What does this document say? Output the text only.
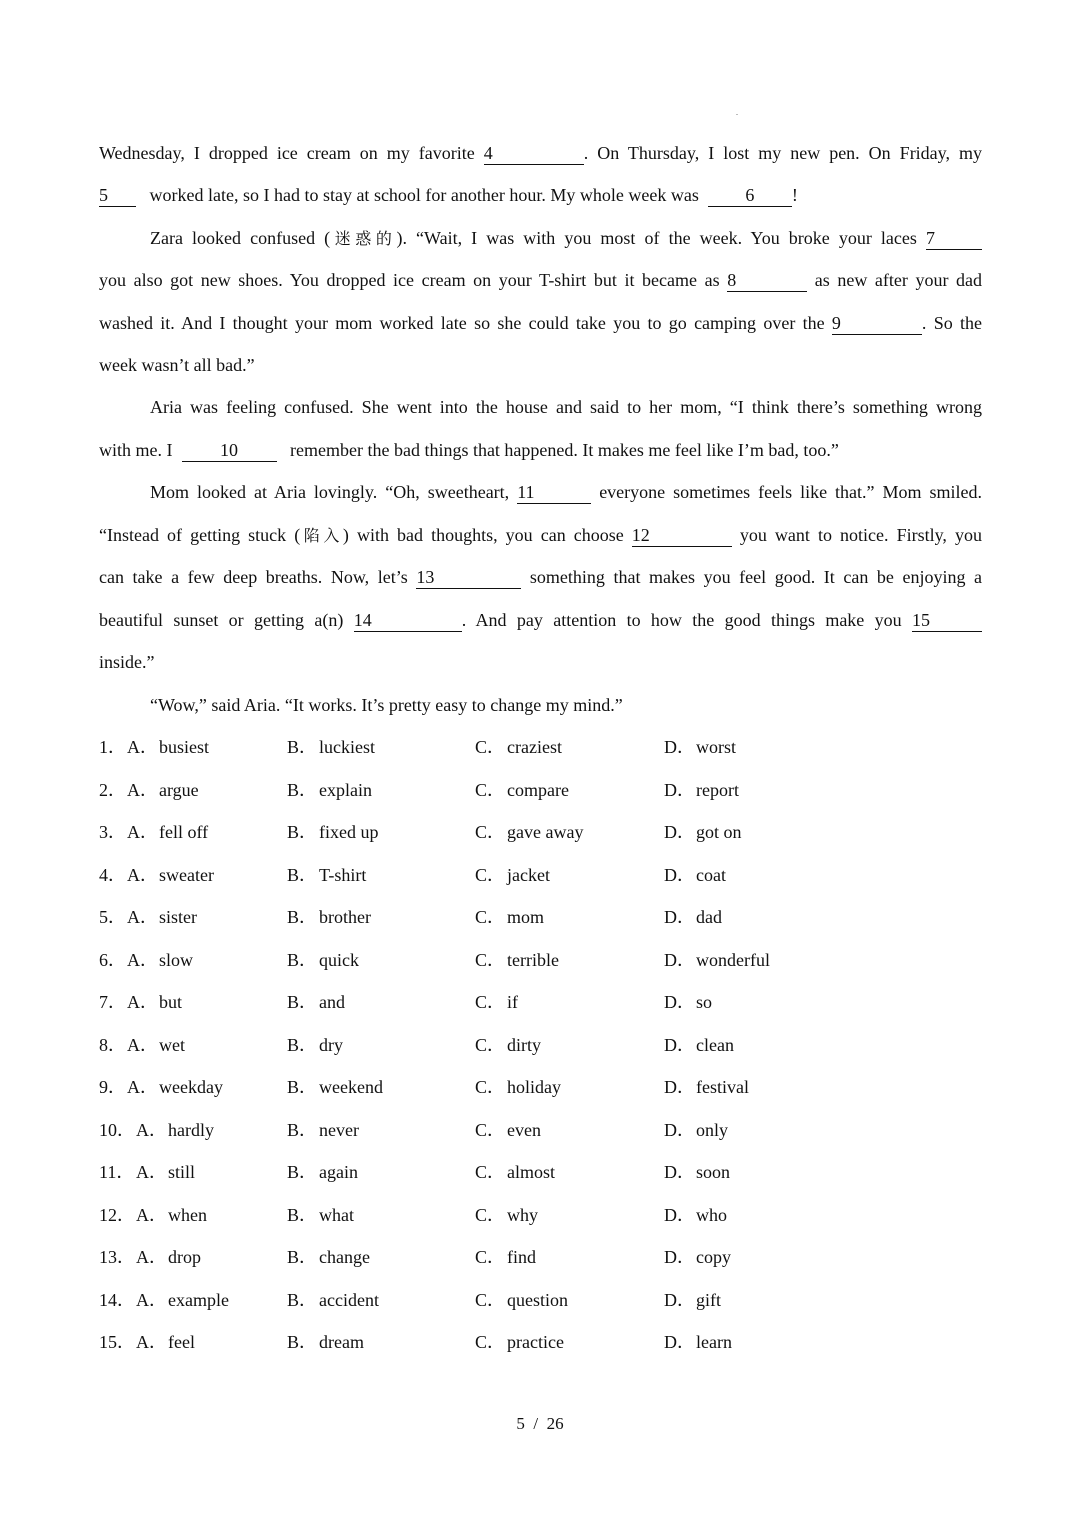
Wednesday, I dropped ice cream on my favorite 4	. On Thursday, I lost my new pen. On Friday, my
5 worked late, so I had to stay at school for another hour. My whole week was	6 !
Zara looked confused (迷惑的). “Wait, I was with you most of the week. You broke your laces 7
you also got new shoes. You dropped ice cream on your T-shirt but it became as 8	as new after your dad
washed it. And I thought your mom worked late so she could take you to go camping over the 9	. So the
week wasn’t all bad.”
Aria was feeling confused. She went into the house and said to her mom, “I think there’s something wrong
with me. I	10	remember the bad things that happened. It makes me feel like I’m bad, too.”
Mom looked at Aria lovingly. “Oh, sweetheart, 11	everyone sometimes feels like that.” Mom smiled.
“Instead of getting stuck (陷入) with bad thoughts, you can choose 12	you want to notice. Firstly, you
can take a few deep breaths. Now, let’s 13	something that makes you feel good. It can be enjoying a
beautiful sunset or getting a(n) 14	. And pay attention to how the good things make you 15
inside.”
“Wow,” said Aria. “It works. It’s pretty easy to change my mind.”
1． A．busiest	B． luckiest	C． craziest	D．worst
2． A．argue	B． explain	C． compare	D．report
3． A．fell off	B． fixed up	C． gave away	D．got on
4． A．sweater	B． T-shirt	C． jacket	D．coat
5． A．sister	B． brother	C． mom	D．dad
6． A．slow	B． quick	C． terrible	D．wonderful
7． A．but	B． and	C． if	D．so
8． A．wet	B． dry	C． dirty	D．clean
9． A．weekday	B． weekend	C． holiday	D．festival
10． A．hardly	B． never	C． even	D．only
11． A．still	B． again	C． almost	D．soon
12． A．when	B． what	C． why	D．who
13． A．drop	B． change	C． find	D．copy
14． A．example	B． accident	C． question	D．gift
15． A．feel	B． dream	C． practice	D．learn
5 / 26
